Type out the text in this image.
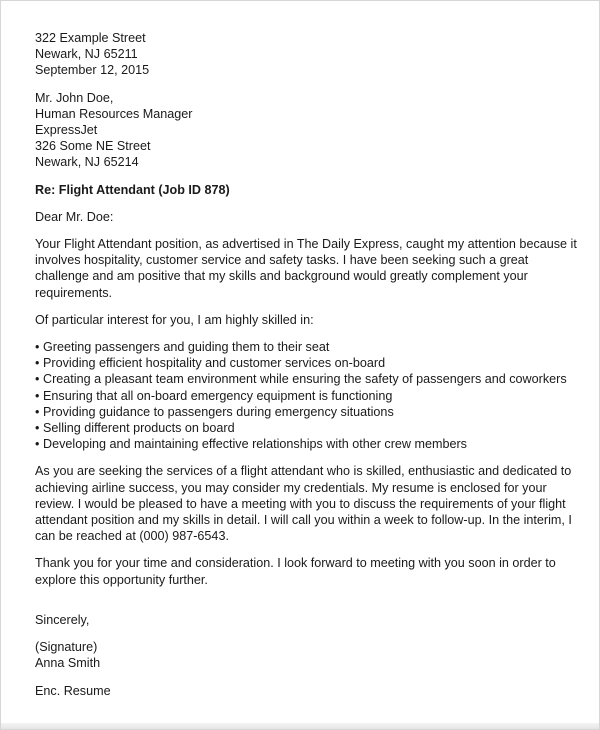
322 Example Street
Newark, NJ 65211
September 12, 2015
Mr. John Doe,
Human Resources Manager
ExpressJet
326 Some NE Street
Newark, NJ 65214
Re: Flight Attendant (Job ID 878)
Dear Mr. Doe:
Your Flight Attendant position, as advertised in The Daily Express, caught my attention because it
involves hospitality, customer service and safety tasks. I have been seeking such a great
challenge and am positive that my skills and background would greatly complement your
requirements.
Of particular interest for you, I am highly skilled in:
• Greeting passengers and guiding them to their seat
• Providing efficient hospitality and customer services on-board
• Creating a pleasant team environment while ensuring the safety of passengers and coworkers
• Ensuring that all on-board emergency equipment is functioning
• Providing guidance to passengers during emergency situations
• Selling different products on board
• Developing and maintaining effective relationships with other crew members
As you are seeking the services of a flight attendant who is skilled, enthusiastic and dedicated to
achieving airline success, you may consider my credentials. My resume is enclosed for your
review. I would be pleased to have a meeting with you to discuss the requirements of your flight
attendant position and my skills in detail. I will call you within a week to follow-up. In the interim, I
can be reached at (000) 987-6543.
Thank you for your time and consideration. I look forward to meeting with you soon in order to
explore this opportunity further.
Sincerely,
(Signature)
Anna Smith
Enc. Resume
